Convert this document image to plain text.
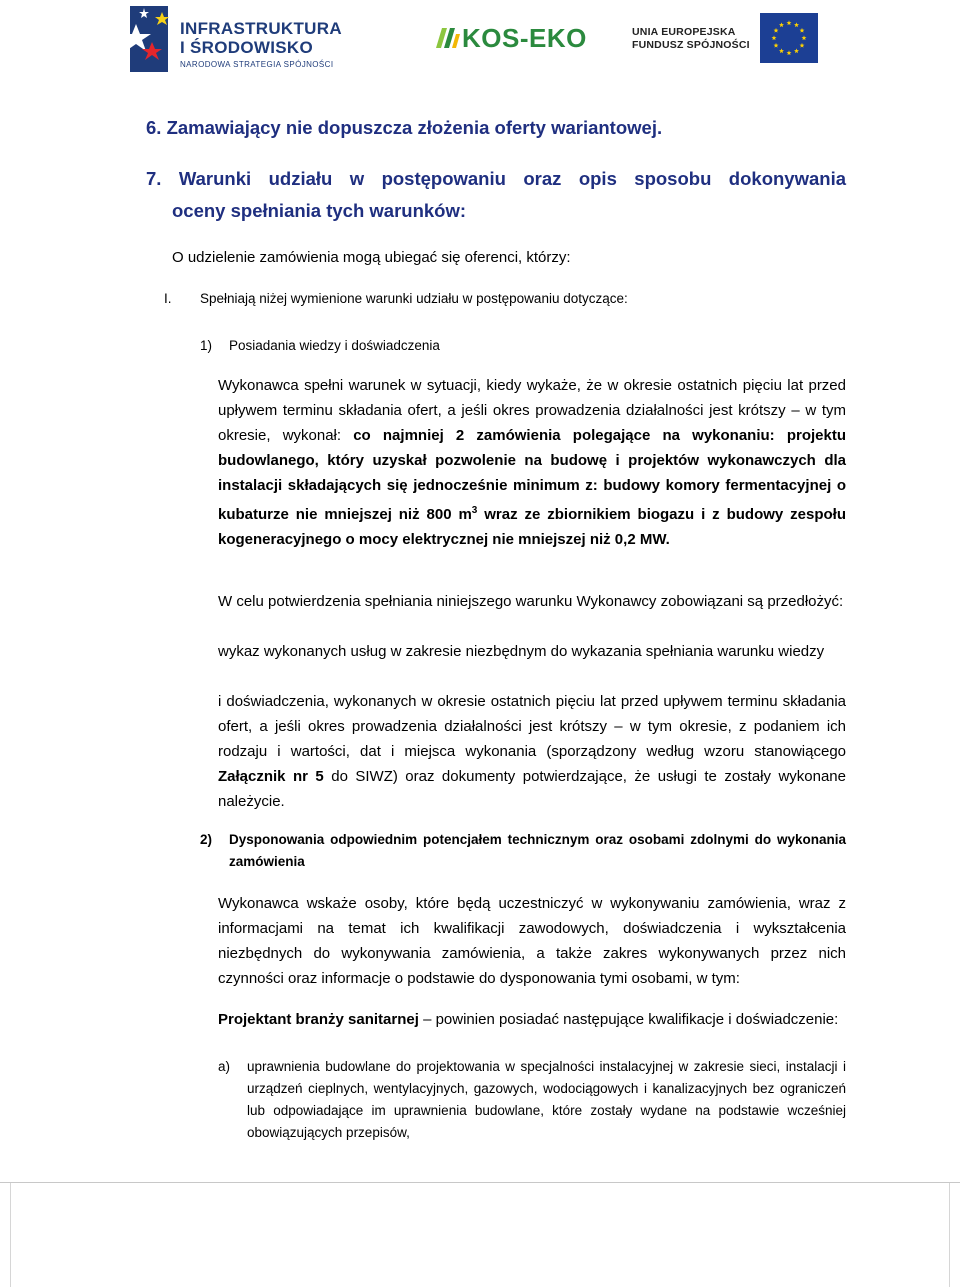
INFRASTRUKTURA
I ŚRODOWISKO
NARODOWA STRATEGIA SPÓJNOŚCI
KOS-EKO	UNIA EUROPEJSKA
FUNDUSZ SPÓJNOŚCI
6. Zamawiający nie dopuszcza złożenia oferty wariantowej.
7. Warunki udziału w postępowaniu oraz opis sposobu dokonywania
oceny spełniania tych warunków:
O udzielenie zamówienia mogą ubiegać się oferenci, którzy:
I. Spełniają niżej wymienione warunki udziału w postępowaniu dotyczące:
1) Posiadania wiedzy i doświadczenia
Wykonawca spełni warunek w sytuacji, kiedy wykaże, że w okresie ostatnich pięciu lat przed upływem terminu składania ofert, a jeśli okres prowadzenia działalności jest krótszy – w tym okresie, wykonał: co najmniej 2 zamówienia polegające na wykonaniu: projektu budowlanego, który uzyskał pozwolenie na budowę i projektów wykonawczych dla instalacji składających się jednocześnie minimum z: budowy komory fermentacyjnej o kubaturze nie mniejszej niż 800 $m^3$ wraz ze zbiornikiem biogazu i z budowy zespołu kogeneracyjnego o mocy elektrycznej nie mniejszej niż 0,2 MW.
W celu potwierdzenia spełniania niniejszego warunku Wykonawcy zobowiązani są przedłożyć:
wykaz wykonanych usług w zakresie niezbędnym do wykazania spełniania warunku wiedzy
i doświadczenia, wykonanych w okresie ostatnich pięciu lat przed upływem terminu składania ofert, a jeśli okres prowadzenia działalności jest krótszy – w tym okresie, z podaniem ich rodzaju i wartości, dat i miejsca wykonania (sporządzony według wzoru stanowiącego Załącznik nr 5 do SIWZ) oraz dokumenty potwierdzające, że usługi te zostały wykonane należycie.
2) Dysponowania odpowiednim potencjałem technicznym oraz osobami zdolnymi do wykonania zamówienia
Wykonawca wskaże osoby, które będą uczestniczyć w wykonywaniu zamówienia, wraz z informacjami na temat ich kwalifikacji zawodowych, doświadczenia i wykształcenia niezbędnych do wykonywania zamówienia, a także zakres wykonywanych przez nich czynności oraz informacje o podstawie do dysponowania tymi osobami, w tym:
Projektant branży sanitarnej – powinien posiadać następujące kwalifikacje i doświadczenie:
a) uprawnienia budowlane do projektowania w specjalności instalacyjnej w zakresie sieci, instalacji i urządzeń cieplnych, wentylacyjnych, gazowych, wodociągowych i kanalizacyjnych bez ograniczeń lub odpowiadające im uprawnienia budowlane, które zostały wydane na podstawie wcześniej obowiązujących przepisów,
